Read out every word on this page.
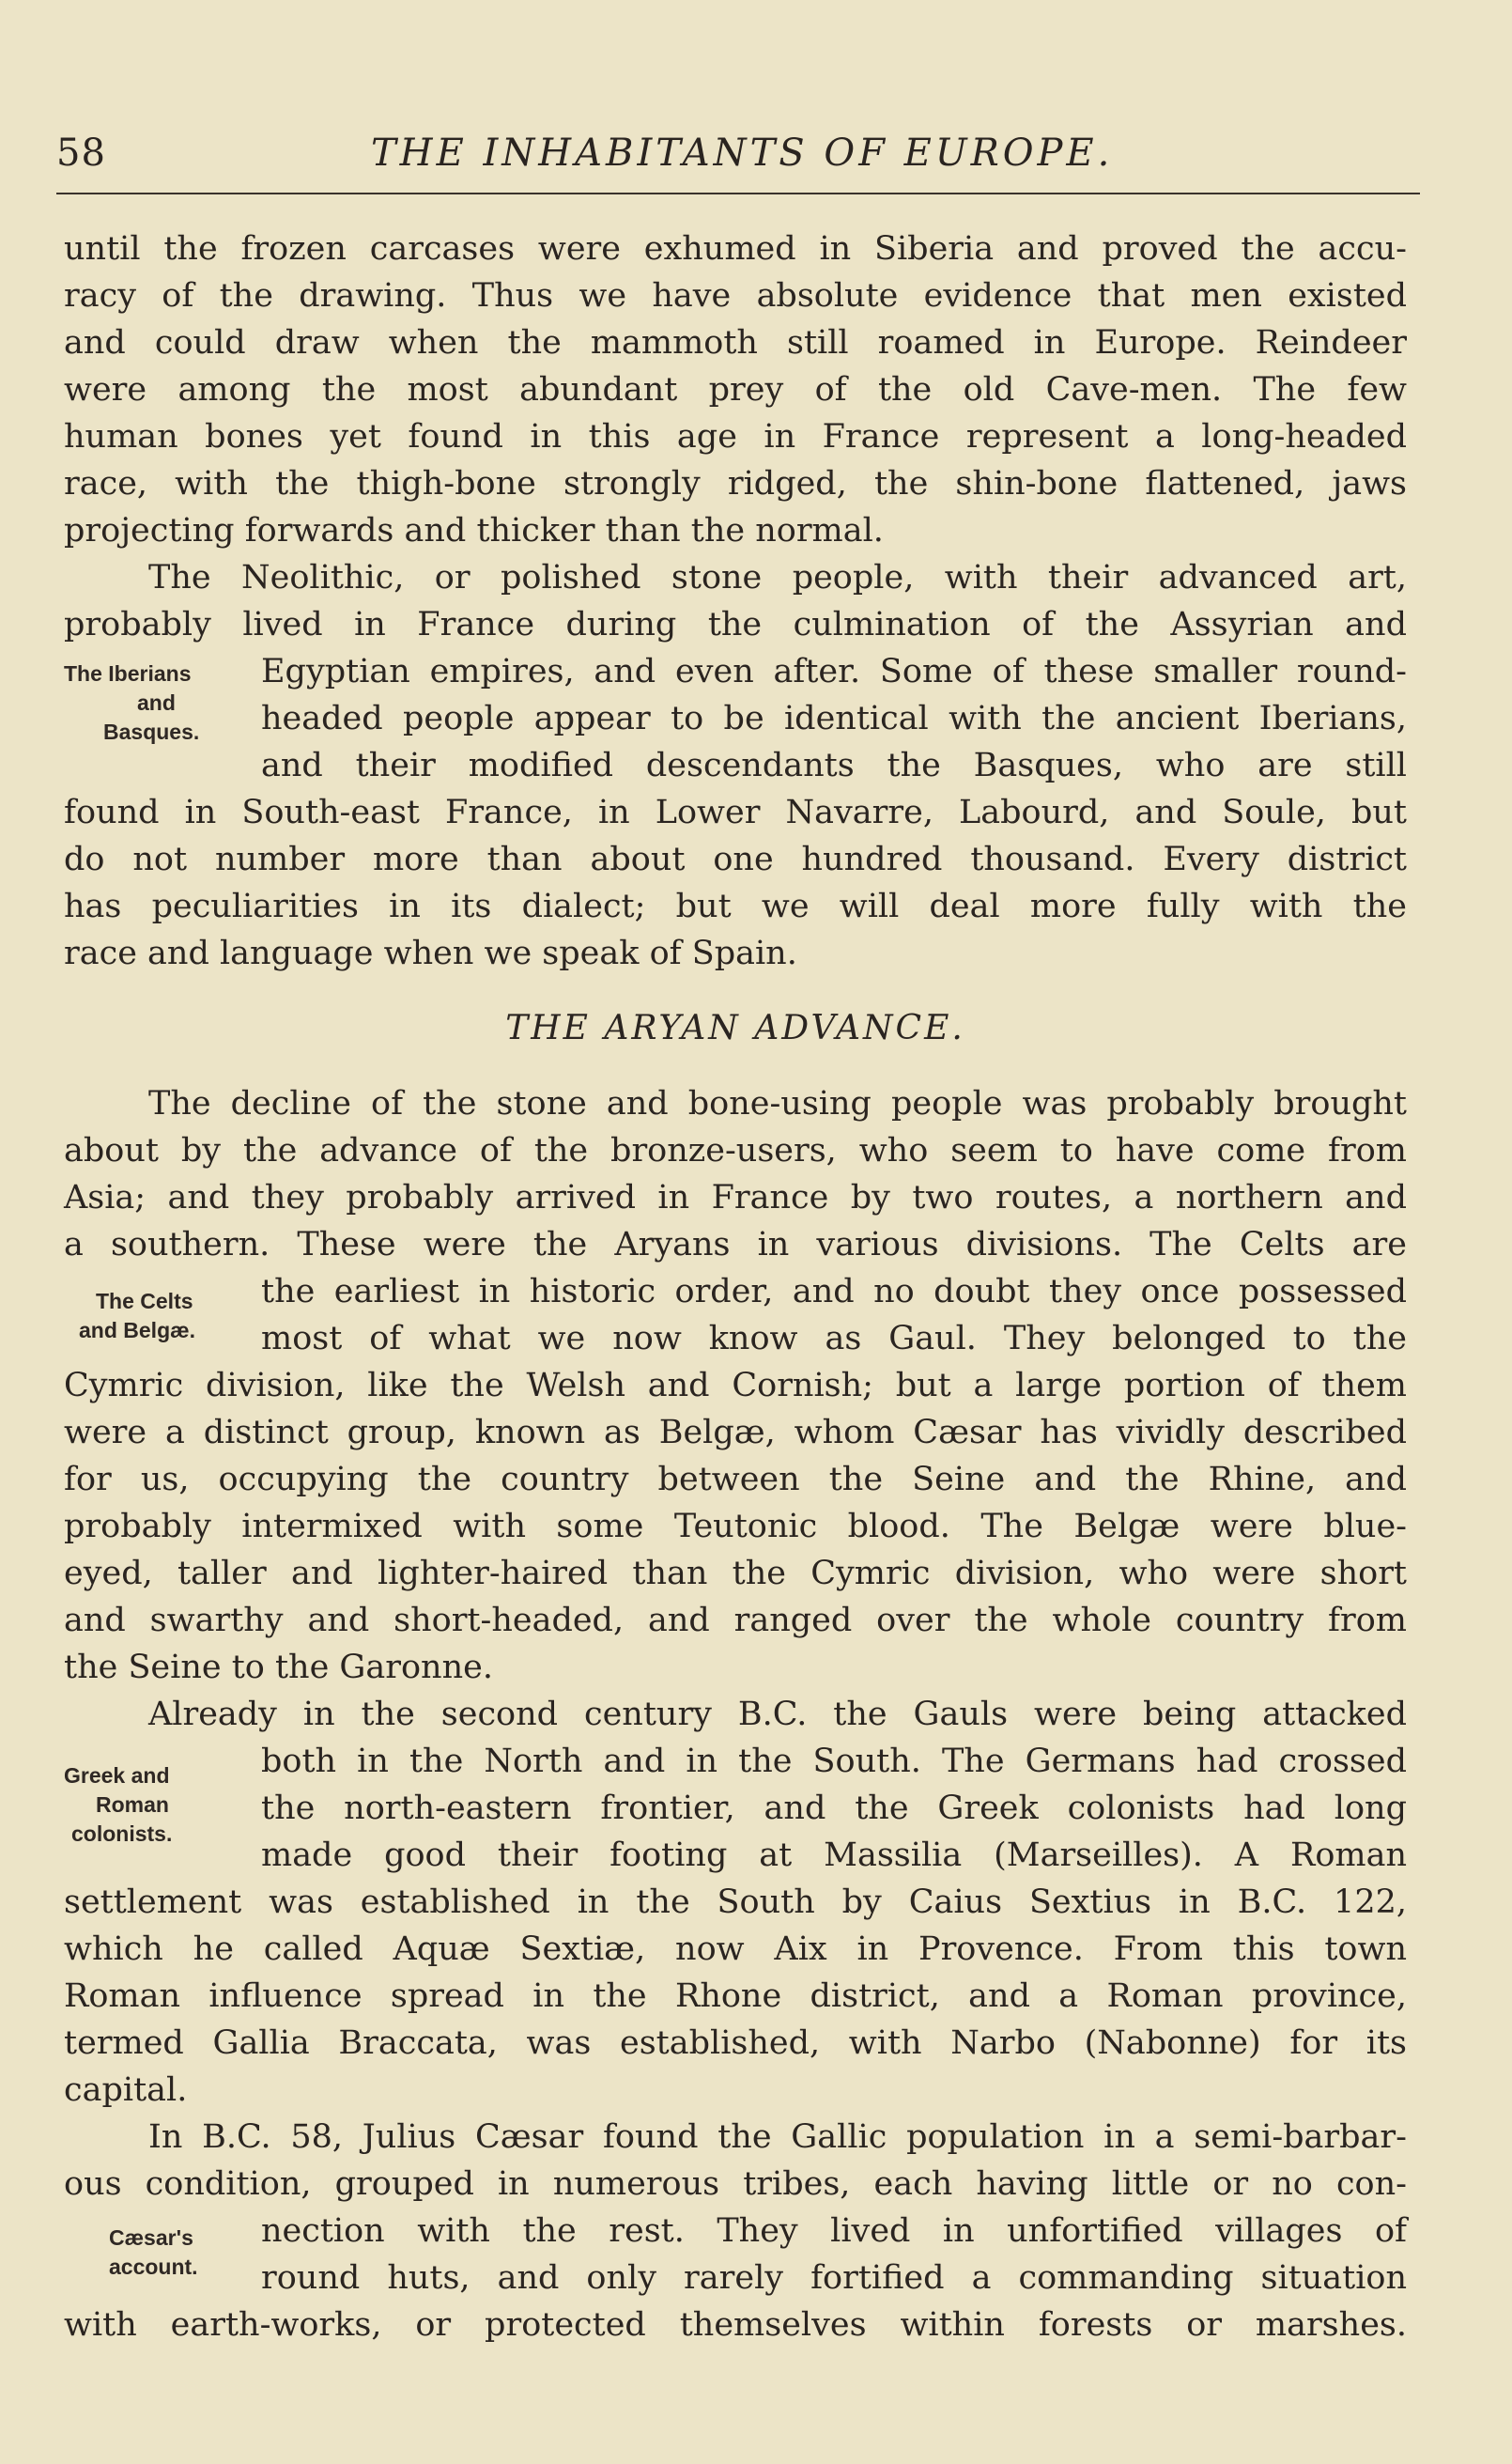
58	THE INHABITANTS OF EUROPE.
until the frozen carcases were exhumed in Siberia and proved the accu-
racy of the drawing. Thus we have absolute evidence that men existed
and could draw when the mammoth still roamed in Europe. Reindeer
were among the most abundant prey of the old Cave-men. The few
human bones yet found in this age in France represent a long-headed
race, with the thigh-bone strongly ridged, the shin-bone flattened, jaws
projecting forwards and thicker than the normal.
The Neolithic, or polished stone people, with their advanced art,
probably lived in France during the culmination of the Assyrian and
Egyptian empires, and even after. Some of these smaller round-
headed people appear to be identical with the ancient Iberians,
and their modified descendants the Basques, who are still
found in South-east France, in Lower Navarre, Labourd, and Soule, but
do not number more than about one hundred thousand. Every district
has peculiarities in its dialect; but we will deal more fully with the
race and language when we speak of Spain.
The Iberians
and
Basques.
THE ARYAN ADVANCE.
The decline of the stone and bone-using people was probably brought
about by the advance of the bronze-users, who seem to have come from
Asia; and they probably arrived in France by two routes, a northern and
a southern. These were the Aryans in various divisions. The Celts are
the earliest in historic order, and no doubt they once possessed
most of what we now know as Gaul. They belonged to the
Cymric division, like the Welsh and Cornish; but a large portion of them
were a distinct group, known as Belgæ, whom Cæsar has vividly described
for us, occupying the country between the Seine and the Rhine, and
probably intermixed with some Teutonic blood. The Belgæ were blue-
eyed, taller and lighter-haired than the Cymric division, who were short
and swarthy and short-headed, and ranged over the whole country from
the Seine to the Garonne.
The Celts
and Belgæ.
Already in the second century B.C. the Gauls were being attacked
both in the North and in the South. The Germans had crossed
the north-eastern frontier, and the Greek colonists had long
made good their footing at Massilia (Marseilles). A Roman
settlement was established in the South by Caius Sextius in B.C. 122,
which he called Aquæ Sextiæ, now Aix in Provence. From this town
Roman influence spread in the Rhone district, and a Roman province,
termed Gallia Braccata, was established, with Narbo (Nabonne) for its
capital.
Greek and
Roman
colonists.
In B.C. 58, Julius Cæsar found the Gallic population in a semi-barbar-
ous condition, grouped in numerous tribes, each having little or no con-
nection with the rest. They lived in unfortified villages of
round huts, and only rarely fortified a commanding situation
with earth-works, or protected themselves within forests or marshes.
Cæsar's
account.
